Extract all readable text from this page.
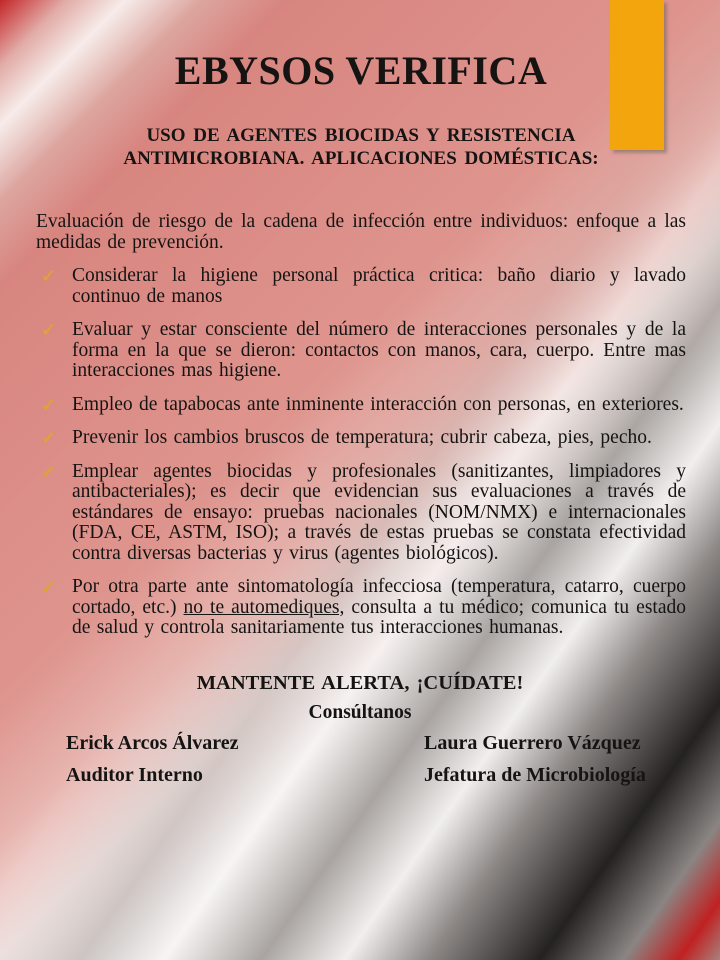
EBYSOS VERIFICA
USO DE AGENTES BIOCIDAS Y RESISTENCIA
ANTIMICROBIANA. APLICACIONES DOMÉSTICAS:

Evaluación de riesgo de la cadena de infección entre individuos: enfoque a las medidas de prevención.

✓ Considerar la higiene personal práctica critica: baño diario y lavado continuo de manos
✓ Evaluar y estar consciente del número de interacciones personales y de la forma en la que se dieron: contactos con manos, cara, cuerpo. Entre mas interacciones mas higiene.
✓ Empleo de tapabocas ante inminente interacción con personas, en exteriores.
✓ Prevenir los cambios bruscos de temperatura; cubrir cabeza, pies, pecho.
✓ Emplear agentes biocidas y profesionales (sanitizantes, limpiadores y antibacteriales); es decir que evidencian sus evaluaciones a través de estándares de ensayo: pruebas nacionales (NOM/NMX) e internacionales (FDA, CE, ASTM, ISO); a través de estas pruebas se constata efectividad contra diversas bacterias y virus (agentes biológicos).
✓ Por otra parte ante sintomatología infecciosa (temperatura, catarro, cuerpo cortado, etc.) no te automediques, consulta a tu médico; comunica tu estado de salud y controla sanitariamente tus interacciones humanas.

MANTENTE ALERTA, ¡CUÍDATE!

Consúltanos

Erick Arcos Álvarez
Auditor Interno
Laura Guerrero Vázquez
Jefatura de Microbiología
